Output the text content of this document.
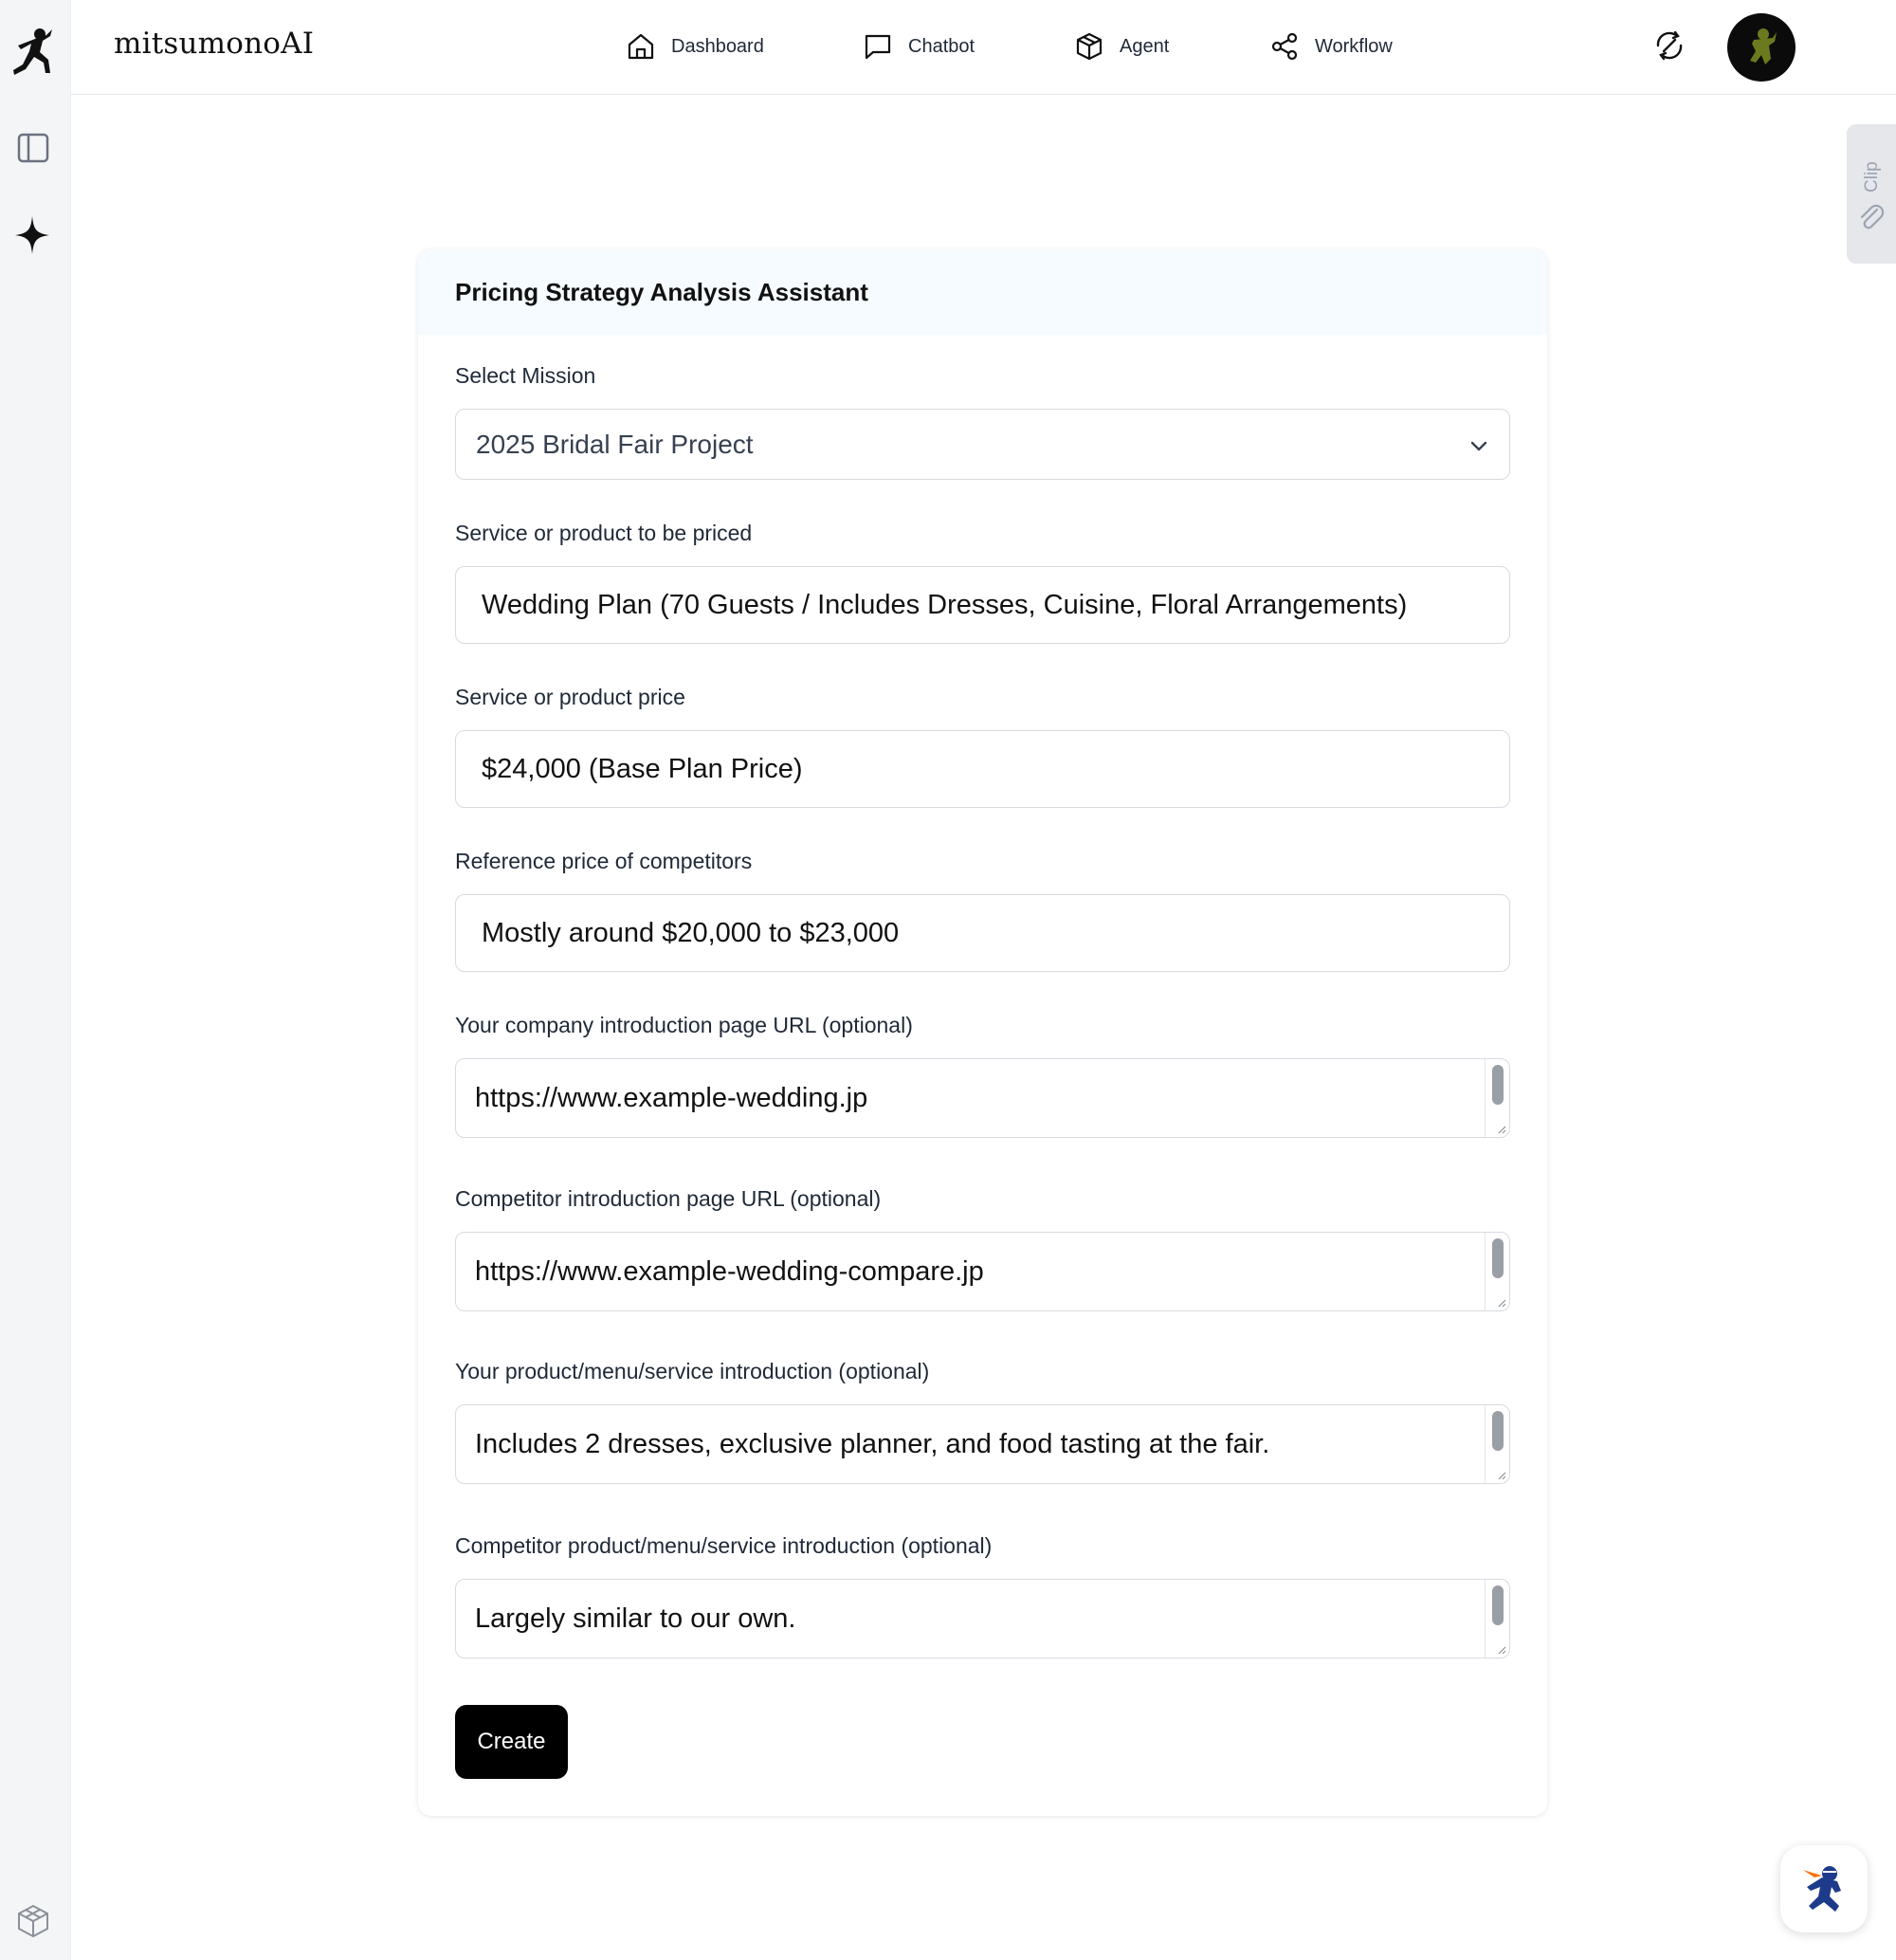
mitsumonoAI	Dashboard	Chatbot	Agent	Workflow
Clip
Pricing Strategy Analysis Assistant
Select Mission
2025 Bridal Fair Project
Service or product to be priced
Wedding Plan (70 Guests / Includes Dresses, Cuisine, Floral Arrangements)
Service or product price
$24,000 (Base Plan Price)
Reference price of competitors
Mostly around $20,000 to $23,000
Your company introduction page URL (optional)
https://www.example-wedding.jp
Competitor introduction page URL (optional)
https://www.example-wedding-compare.jp
Your product/menu/service introduction (optional)
Includes 2 dresses, exclusive planner, and food tasting at the fair.
Competitor product/menu/service introduction (optional)
Largely similar to our own.
Create
